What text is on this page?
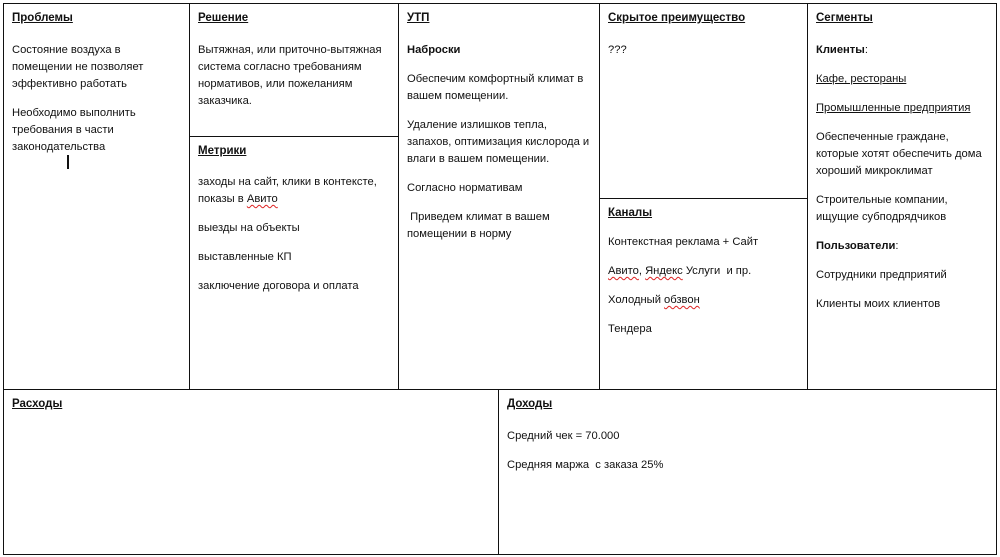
Проблемы

Состояние воздуха в помещении не позволяет эффективно работать

Необходимо выполнить требования в части законодательства

Решение

Вытяжная, или приточно-вытяжная система согласно требованиям нормативов, или пожеланиям заказчика.

Метрики

заходы на сайт, клики в контексте, показы в Авито

выезды на объекты

выставленные КП

заключение договора и оплата

УТП

Наброски

Обеспечим комфортный климат в вашем помещении.

Удаление излишков тепла, запахов, оптимизация кислорода и влаги в вашем помещении.

Согласно нормативам

Приведем климат в вашем помещении в норму

Скрытое преимущество

???

Каналы

Контекстная реклама + Сайт

Авито, Яндекс Услуги  и пр.

Холодный обзвон

Тендера

Сегменты

Клиенты:

Кафе, рестораны

Промышленные предприятия

Обеспеченные граждане, которые хотят обеспечить дома хороший микроклимат

Строительные компании, ищущие субподрядчиков

Пользователи:

Сотрудники предприятий

Клиенты моих клиентов

Расходы	Доходы

Средний чек = 70.000

Средняя маржа  с заказа 25%
